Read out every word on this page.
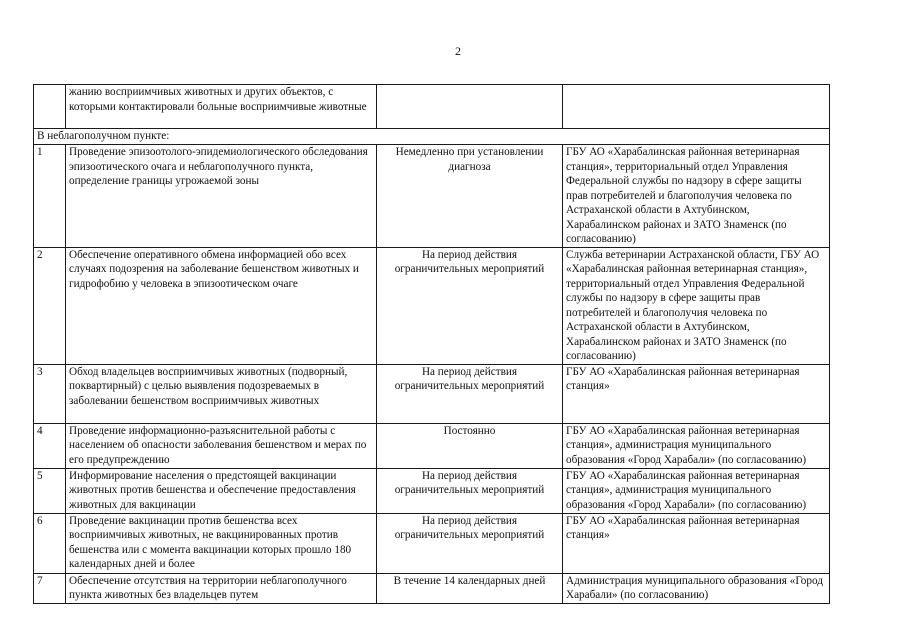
2
	жанию восприимчивых животных и других объектов, с которыми контактировали больные восприимчивые животные		
В неблагополучном пункте:			
1	Проведение эпизоотолого-эпидемиологического обследования эпизоотического очага и неблагополучного пункта, определение границы угрожаемой зоны	Немедленно при установлении диагноза	ГБУ АО «Харабалинская районная ветеринарная станция», территориальный отдел Управления Федеральной службы по надзору в сфере защиты прав потребителей и благополучия человека по Астраханской области в Ахтубинском, Харабалинском районах и ЗАТО Знаменск (по согласованию)
2	Обеспечение оперативного обмена информацией обо всех случаях подозрения на заболевание бешенством животных и гидрофобию у человека в эпизоотическом очаге	На период действия ограничительных мероприятий	Служба ветеринарии Астраханской области, ГБУ АО «Харабалинская районная ветеринарная станция», территориальный отдел Управления Федеральной службы по надзору в сфере защиты прав потребителей и благополучия человека по Астраханской области в Ахтубинском, Харабалинском районах и ЗАТО Знаменск (по согласованию)
3	Обход владельцев восприимчивых животных (подворный, поквартирный) с целью выявления подозреваемых в заболевании бешенством восприимчивых животных	На период действия ограничительных мероприятий	ГБУ АО «Харабалинская районная ветеринарная станция»
4	Проведение информационно-разъяснительной работы с населением об опасности заболевания бешенством и мерах по его предупреждению	Постоянно	ГБУ АО «Харабалинская районная ветеринарная станция», администрация муниципального образования «Город Харабали» (по согласованию)
5	Информирование населения о предстоящей вакцинации животных против бешенства и обеспечение предоставления животных для вакцинации	На период действия ограничительных мероприятий	ГБУ АО «Харабалинская районная ветеринарная станция», администрация муниципального образования «Город Харабали» (по согласованию)
6	Проведение вакцинации против бешенства всех восприимчивых животных, не вакцинированных против бешенства или с момента вакцинации которых прошло 180 календарных дней и более	На период действия ограничительных мероприятий	ГБУ АО «Харабалинская районная ветеринарная станция»
7	Обеспечение отсутствия на территории неблагополучного пункта животных без владельцев путем	В течение 14 календарных дней	Администрация муниципального образования «Город Харабали» (по согласованию)
